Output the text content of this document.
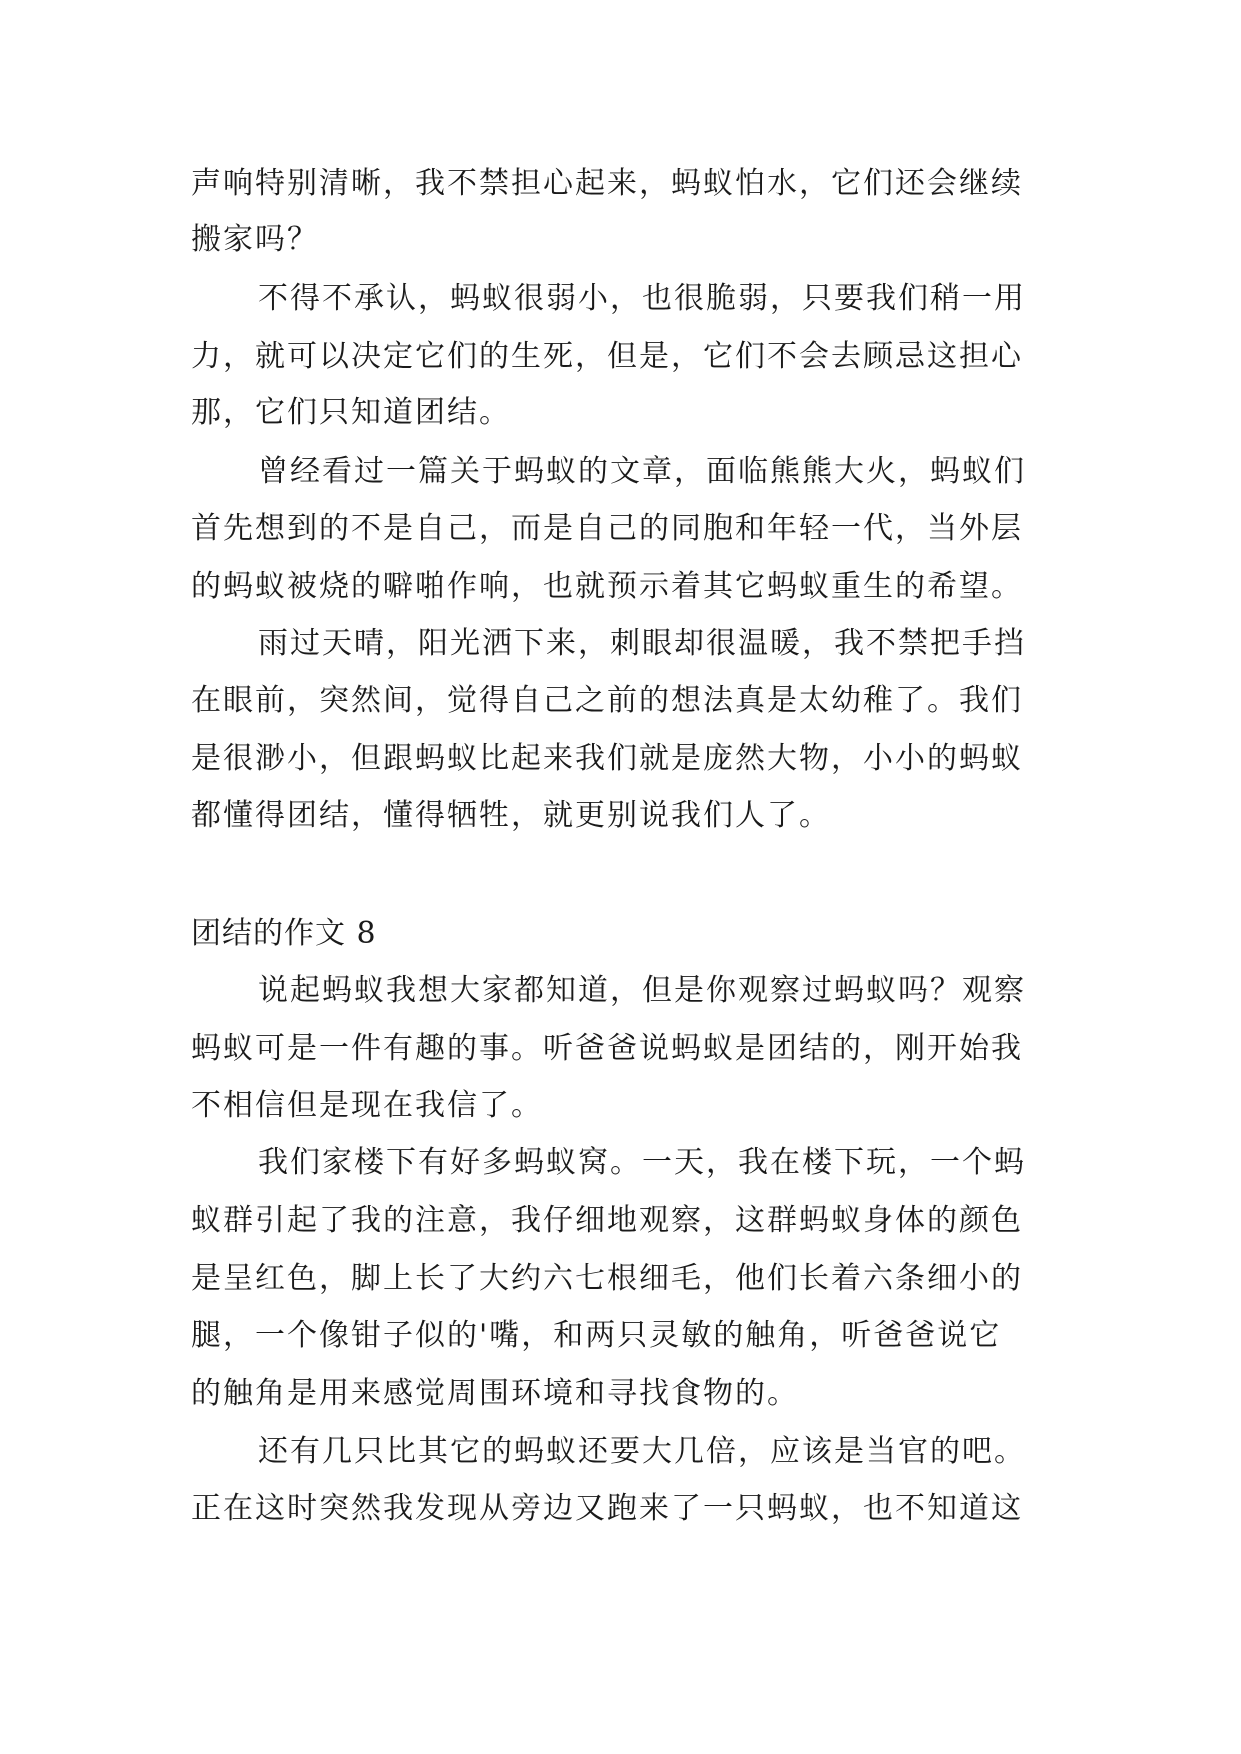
声响特别清晰，我不禁担心起来，蚂蚁怕水，它们还会继续
搬家吗？
不得不承认，蚂蚁很弱小，也很脆弱，只要我们稍一用
力，就可以决定它们的生死，但是，它们不会去顾忌这担心
那，它们只知道团结。
曾经看过一篇关于蚂蚁的文章，面临熊熊大火，蚂蚁们
首先想到的不是自己，而是自己的同胞和年轻一代，当外层
的蚂蚁被烧的噼啪作响，也就预示着其它蚂蚁重生的希望。
雨过天晴，阳光洒下来，刺眼却很温暖，我不禁把手挡
在眼前，突然间，觉得自己之前的想法真是太幼稚了。我们
是很渺小，但跟蚂蚁比起来我们就是庞然大物，小小的蚂蚁
都懂得团结，懂得牺牲，就更别说我们人了。
团结的作文 8
说起蚂蚁我想大家都知道，但是你观察过蚂蚁吗？观察
蚂蚁可是一件有趣的事。听爸爸说蚂蚁是团结的，刚开始我
不相信但是现在我信了。
我们家楼下有好多蚂蚁窝。一天，我在楼下玩，一个蚂
蚁群引起了我的注意，我仔细地观察，这群蚂蚁身体的颜色
是呈红色，脚上长了大约六七根细毛，他们长着六条细小的
腿，一个像钳子似的'嘴，和两只灵敏的触角，听爸爸说它
的触角是用来感觉周围环境和寻找食物的。
还有几只比其它的蚂蚁还要大几倍，应该是当官的吧。
正在这时突然我发现从旁边又跑来了一只蚂蚁，也不知道这
